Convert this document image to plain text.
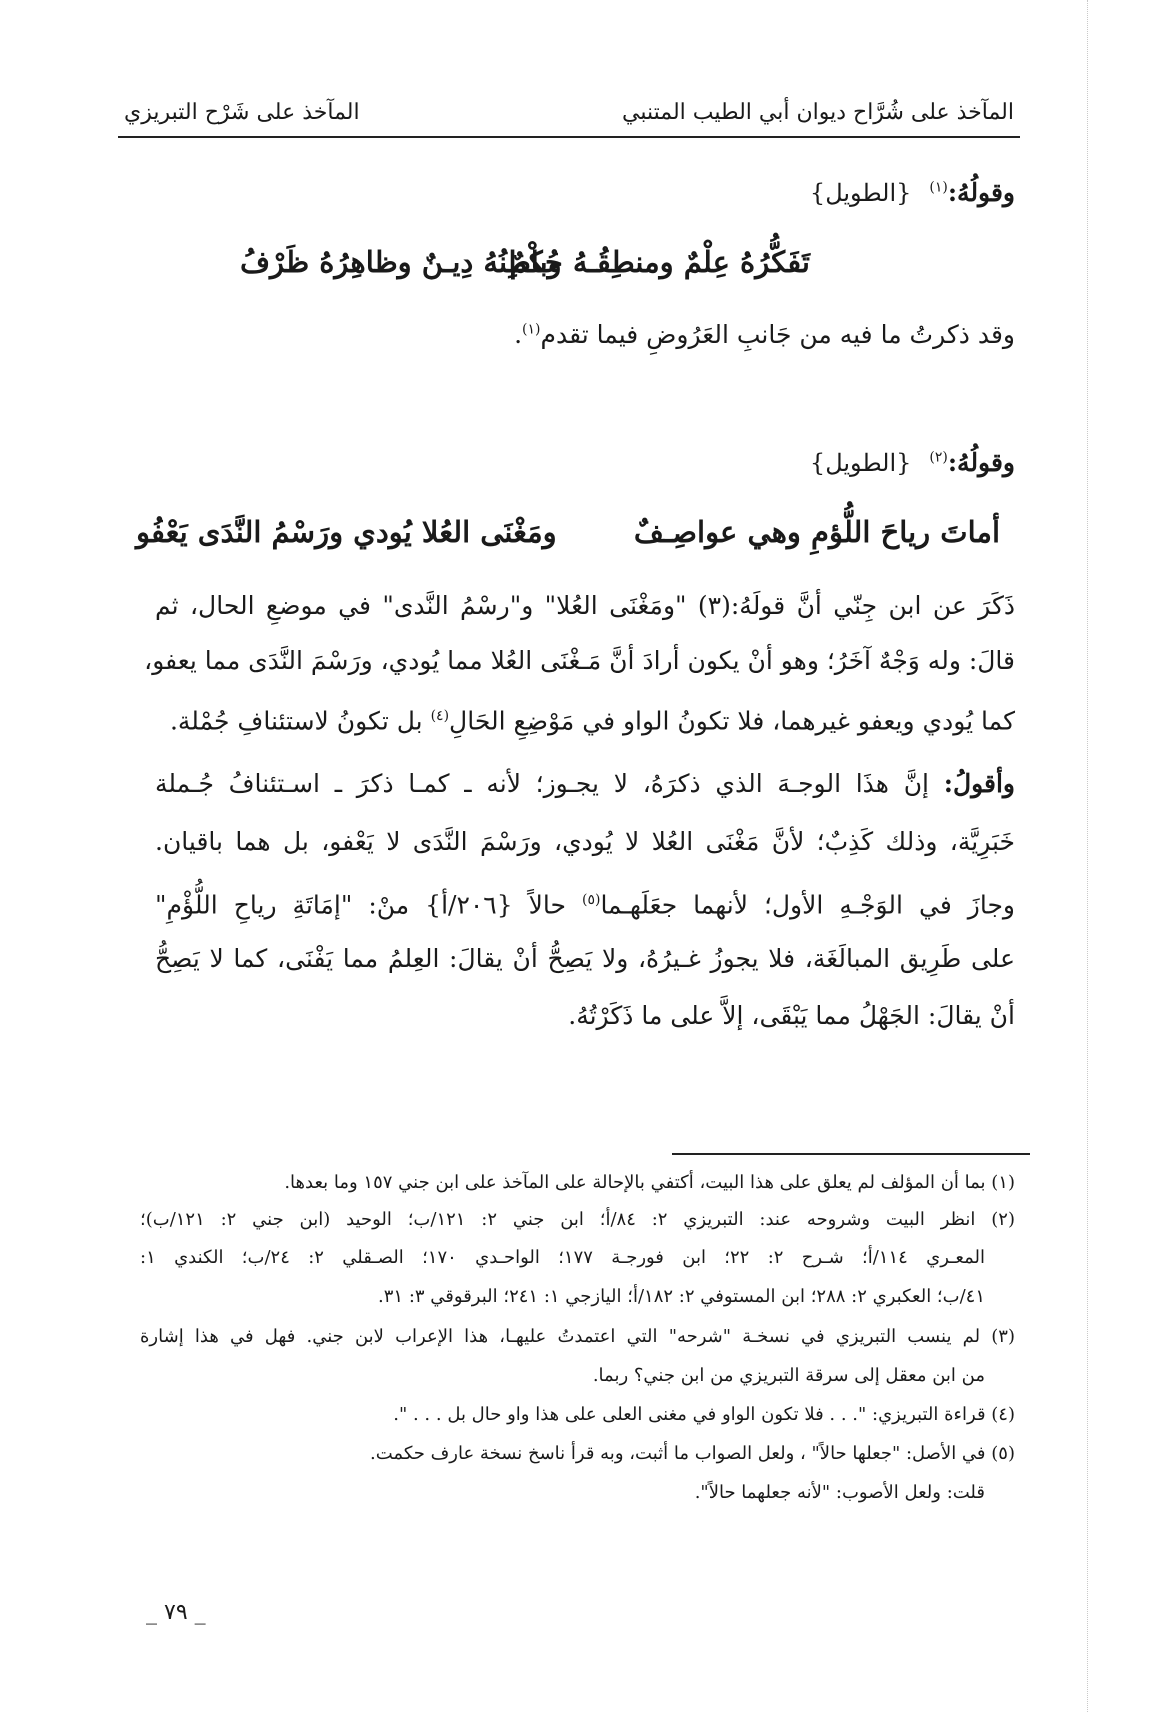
المآخذ على شُرَّاح ديوان أبي الطيب المتنبي
المآخذ على شَرْح التبريزي
وقولُهُ:$^{(١)}$ {الطويل}
تَفَكُّرُهُ عِلْمٌ ومنطِقُـهُ حُكْمٌ
وباطِنُهُ دِيـنٌ وظاهِرُهُ ظَرْفُ
وقد ذكرتُ ما فيه من جَانبِ العَرُوضِ فيما تقدم$^{(١)}$.
وقولُهُ:$^{(٢)}$ {الطويل}
أماتَ رياحَ اللُّؤمِ وهي عواصِـفٌ
ومَغْنَى العُلا يُودي ورَسْمُ النَّدَى يَعْفُو
ذَكَرَ عن ابن جِنّي أنَّ قولَهُ:(٣) "ومَغْنَى العُلا" و"رسْمُ النَّدى" في موضعِ الحال، ثم
قالَ: وله وَجْهٌ آخَرُ؛ وهو أنْ يكون أرادَ أنَّ مَـغْنَى العُلا مما يُودي، ورَسْمَ النَّدَى مما يعفو،
كما يُودي ويعفو غيرهما، فلا تكونُ الواو في مَوْضِعِ الحَالِ$^{(٤)}$ بل تكونُ لاستئنافِ جُمْلة.
وأقولُ: إنَّ هذَا الوجـهَ الذي ذكرَهُ، لا يجـوز؛ لأنه ـ كمـا ذكرَ ـ اسـتئنافُ جُـملة
خَبَرِيَّة، وذلك كَذِبٌ؛ لأنَّ مَغْنَى العُلا لا يُودي، ورَسْمَ النَّدَى لا يَعْفو، بل هما باقيان.
وجازَ في الوَجْـهِ الأول؛ لأنهما جعَلَهـما$^{(٥)}$ حالاً {٢٠٦/أ} منْ: "إمَاتَةِ رياحِ اللُّؤْمِ"
على طَرِيق المبالَغَة، فلا يجوزُ غـيرُهُ، ولا يَصِحُّ أنْ يقالَ: العِلمُ مما يَفْنَى، كما لا يَصِحُّ
أنْ يقالَ: الجَهْلُ مما يَبْقَى، إلاَّ على ما ذَكَرْتُهُ.
(١) بما أن المؤلف لم يعلق على هذا البيت، أكتفي بالإحالة على المآخذ على ابن جني ١٥٧ وما بعدها.
(٢) انظر البيت وشروحه عند: التبريزي ٢: ٨٤/أ؛ ابن جني ٢: ١٢١/ب؛ الوحيد (ابن جني ٢: ١٢١/ب)؛
المعـري ١١٤/أ؛ شـرح ٢: ٢٢؛ ابن فورجـة ١٧٧؛ الواحـدي ١٧٠؛ الصـقلي ٢: ٢٤/ب؛ الكندي ١:
٤١/ب؛ العكبري ٢: ٢٨٨؛ ابن المستوفي ٢: ١٨٢/أ؛ اليازجي ١: ٢٤١؛ البرقوقي ٣: ٣١.
(٣) لم ينسب التبريزي في نسخـة "شرحه" التي اعتمدتُ عليهـا، هذا الإعراب لابن جني. فهل في هذا إشارة
من ابن معقل إلى سرقة التبريزي من ابن جني؟ ربما.
(٤) قراءة التبريزي: ". . . فلا تكون الواو في مغنى العلى على هذا واو حال بل . . . ".
(٥) في الأصل: "جعلها حالاً" ، ولعل الصواب ما أثبت، وبه قرأ ناسخ نسخة عارف حكمت.
قلت: ولعل الأصوب: "لأنه جعلهما حالاً".
_ ٧٩ _
